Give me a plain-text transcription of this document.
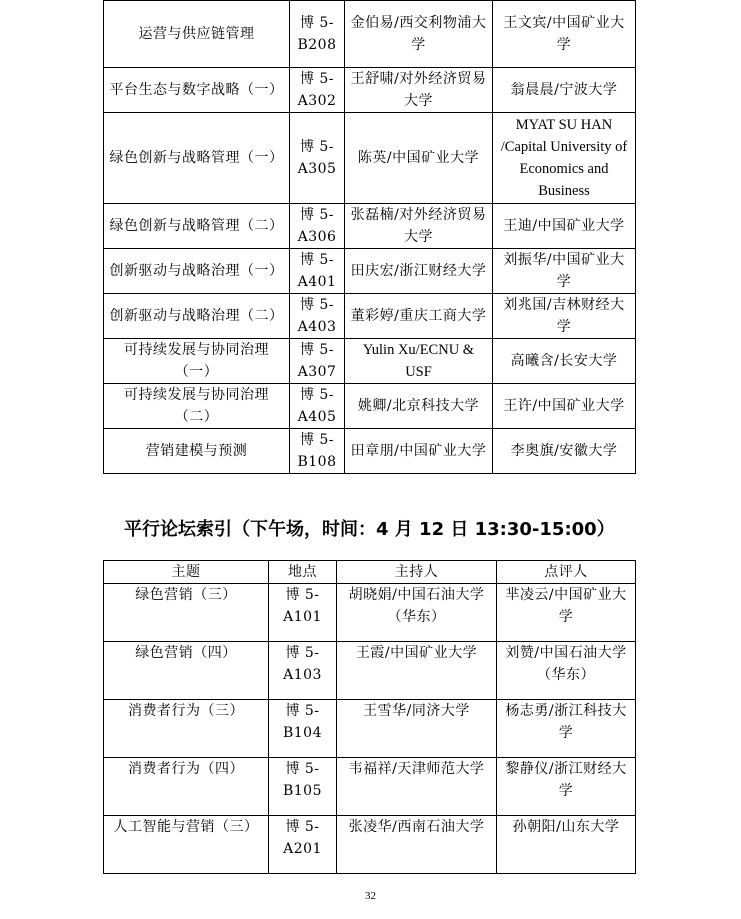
运营与供应链管理	博 5-B208	金伯易/西交利物浦大学	王文宾/中国矿业大学
平台生态与数字战略（一）	博 5-A302	王舒啸/对外经济贸易大学	翁晨晨/宁波大学
绿色创新与战略管理（一）	博 5-A305	陈英/中国矿业大学	MYAT SU HAN /Capital University of Economics and Business
绿色创新与战略管理（二）	博 5-A306	张磊楠/对外经济贸易大学	王迪/中国矿业大学
创新驱动与战略治理（一）	博 5-A401	田庆宏/浙江财经大学	刘振华/中国矿业大学
创新驱动与战略治理（二）	博 5-A403	董彩婷/重庆工商大学	刘兆国/吉林财经大学
可持续发展与协同治理（一）	博 5-A307	Yulin Xu/ECNU & USF	高曦含/长安大学
可持续发展与协同治理（二）	博 5-A405	姚卿/北京科技大学	王许/中国矿业大学
营销建模与预测	博 5-B108	田章朋/中国矿业大学	李奥旗/安徽大学
平行论坛索引（下午场，时间：4 月 12 日 13:30-15:00）
主题	地点	主持人	点评人
绿色营销（三）	博 5-A101	胡晓娟/中国石油大学（华东）	芈凌云/中国矿业大学
绿色营销（四）	博 5-A103	王霞/中国矿业大学	刘赞/中国石油大学（华东）
消费者行为（三）	博 5-B104	王雪华/同济大学	杨志勇/浙江科技大学
消费者行为（四）	博 5-B105	韦福祥/天津师范大学	黎静仪/浙江财经大学
人工智能与营销（三）	博 5-A201	张凌华/西南石油大学	孙朝阳/山东大学
32
